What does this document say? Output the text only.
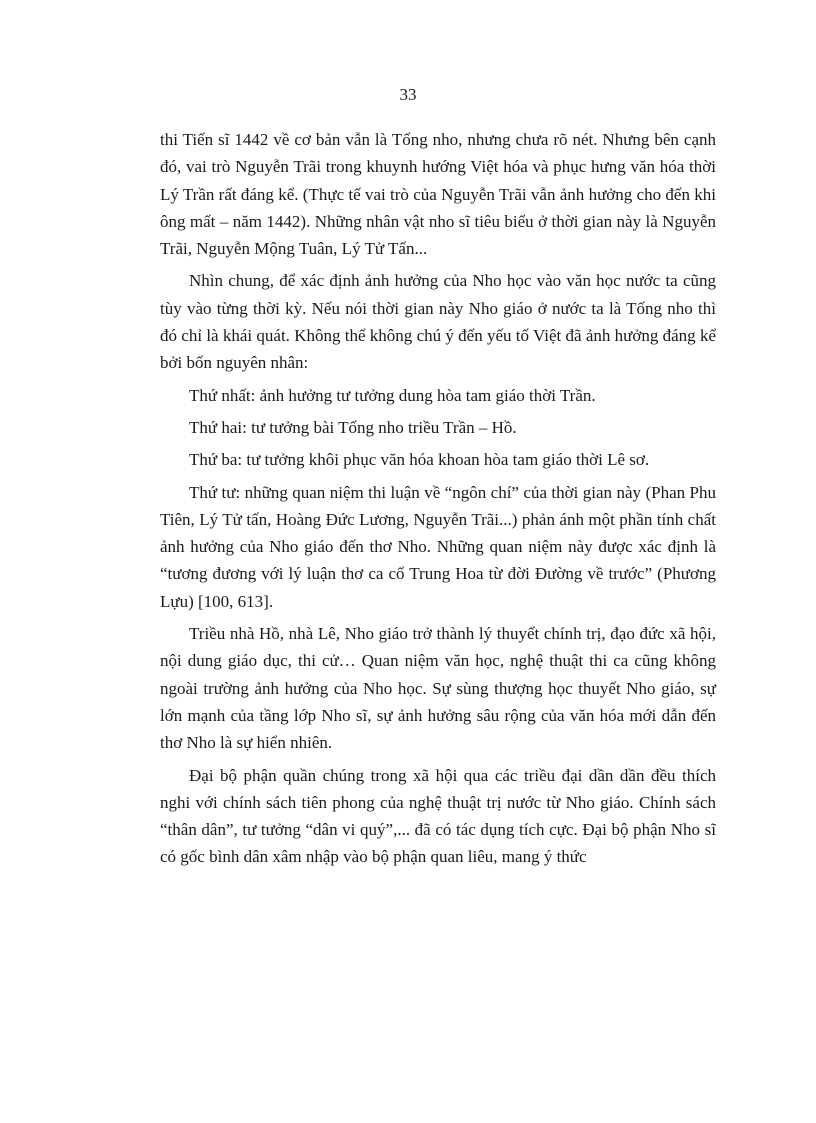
33

thi Tiến sĩ 1442 về cơ bản vẫn là Tống nho, nhưng chưa rõ nét. Nhưng bên cạnh đó, vai trò Nguyễn Trãi trong khuynh hướng Việt hóa và phục hưng văn hóa thời Lý Trần rất đáng kể. (Thực tế vai trò của Nguyễn Trãi vẫn ảnh hưởng cho đến khi ông mất – năm 1442). Những nhân vật nho sĩ tiêu biểu ở thời gian này là Nguyễn Trãi, Nguyễn Mộng Tuân, Lý Tử Tấn...

Nhìn chung, để xác định ảnh hưởng của Nho học vào văn học nước ta cũng tùy vào từng thời kỳ. Nếu nói thời gian này Nho giáo ở nước ta là Tống nho thì đó chỉ là khái quát. Không thể không chú ý đến yếu tố Việt đã ảnh hưởng đáng kể bởi bốn nguyên nhân:

Thứ nhất: ảnh hưởng tư tưởng dung hòa tam giáo thời Trần.

Thứ hai: tư tưởng bài Tống nho triều Trần – Hồ.

Thứ ba: tư tưởng khôi phục văn hóa khoan hòa tam giáo thời Lê sơ.

Thứ tư: những quan niệm thi luận về “ngôn chí” của thời gian này (Phan Phu Tiên, Lý Tử tấn, Hoàng Đức Lương, Nguyễn Trãi...) phản ánh một phần tính chất ảnh hưởng của Nho giáo đến thơ Nho. Những quan niệm này được xác định là “tương đương với lý luận thơ ca cổ Trung Hoa từ đời Đường về trước” (Phương Lựu) [100, 613].

Triều nhà Hồ, nhà Lê, Nho giáo trở thành lý thuyết chính trị, đạo đức xã hội, nội dung giáo dục, thi cử… Quan niệm văn học, nghệ thuật thi ca cũng không ngoài trường ảnh hưởng của Nho học. Sự sùng thượng học thuyết Nho giáo, sự lớn mạnh của tầng lớp Nho sĩ, sự ảnh hưởng sâu rộng của văn hóa mới dẫn đến thơ Nho là sự hiển nhiên.

Đại bộ phận quần chúng trong xã hội qua các triều đại dần dần đều thích nghi với chính sách tiên phong của nghệ thuật trị nước từ Nho giáo. Chính sách “thân dân”, tư tưởng “dân vi quý”,... đã có tác dụng tích cực. Đại bộ phận Nho sĩ có gốc bình dân xâm nhập vào bộ phận quan liêu, mang ý thức
